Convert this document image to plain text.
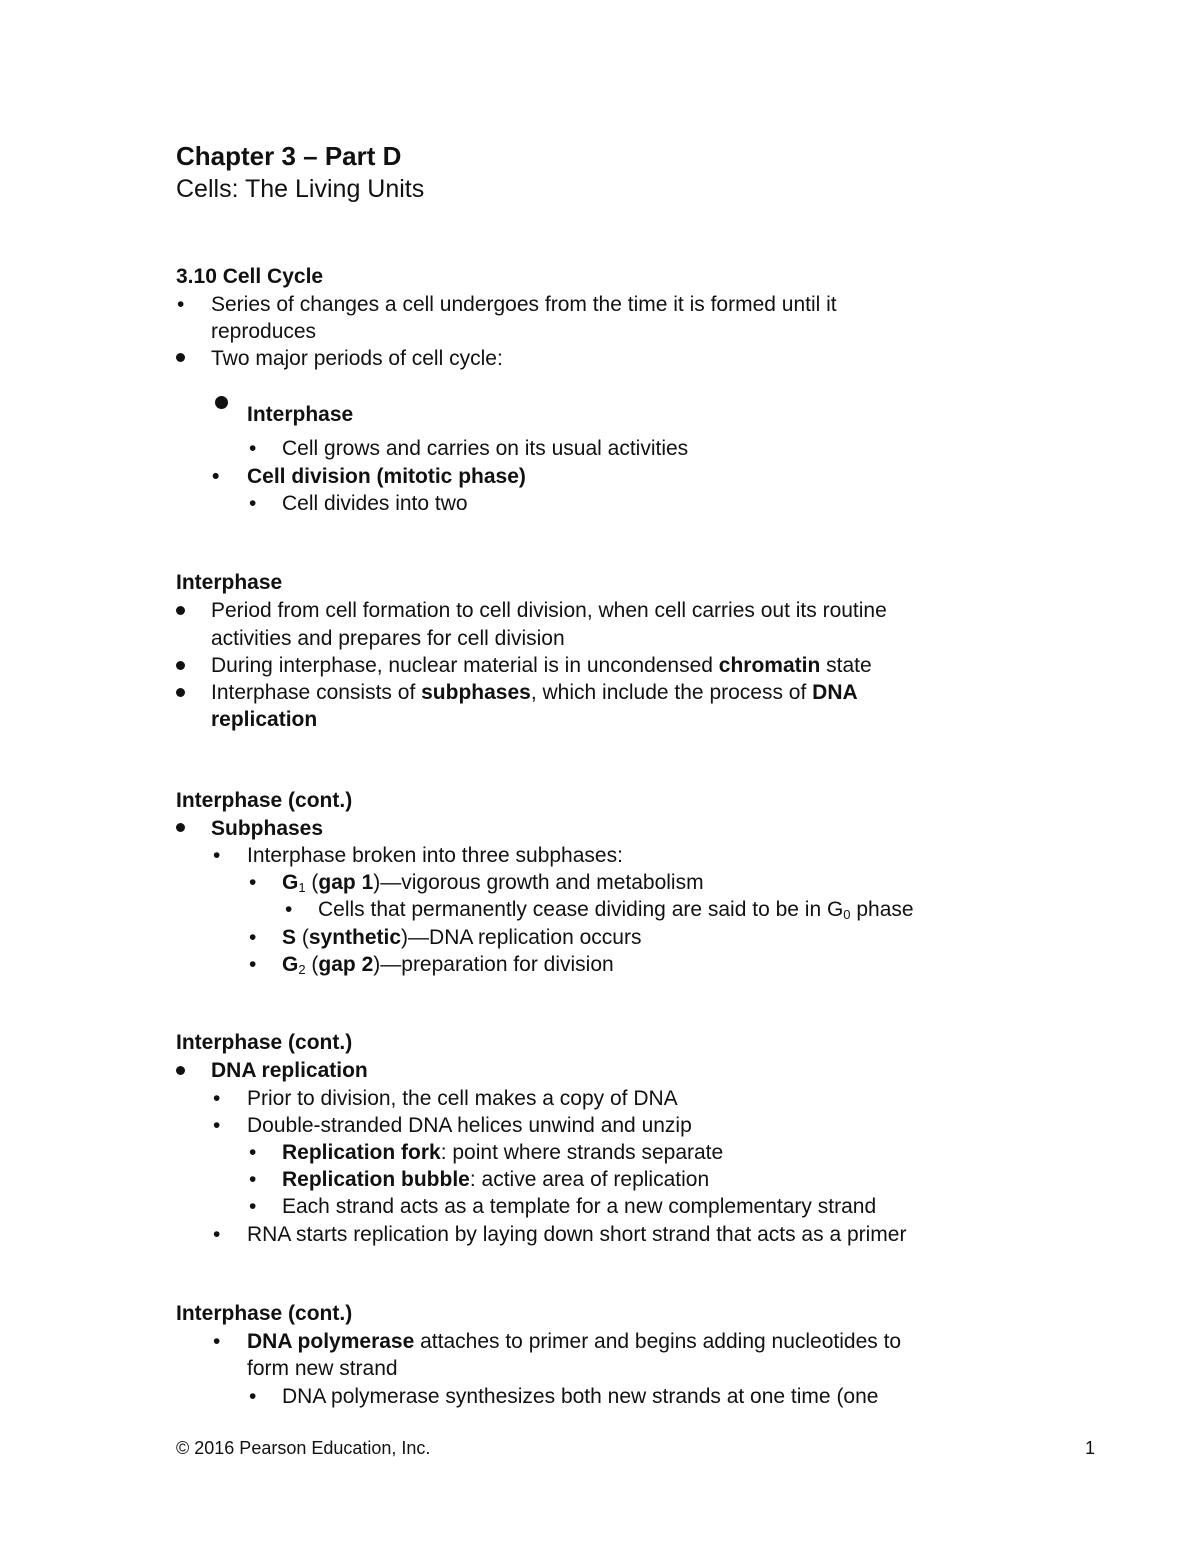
Chapter 3 – Part D
Cells: The Living Units
3.10 Cell Cycle
• Series of changes a cell undergoes from the time it is formed until it
reproduces
Two major periods of cell cycle:
Interphase
• Cell grows and carries on its usual activities
• Cell division (mitotic phase)
• Cell divides into two
Interphase
Period from cell formation to cell division, when cell carries out its routine
activities and prepares for cell division
During interphase, nuclear material is in uncondensed chromatin state
Interphase consists of subphases, which include the process of DNA
replication
Interphase (cont.)
Subphases
• Interphase broken into three subphases:
• $G_1$ (gap 1)—vigorous growth and metabolism
• Cells that permanently cease dividing are said to be in $G_0$ phase
• S (synthetic)—DNA replication occurs
• $G_2$ (gap 2)—preparation for division
Interphase (cont.)
DNA replication
• Prior to division, the cell makes a copy of DNA
• Double-stranded DNA helices unwind and unzip
• Replication fork: point where strands separate
• Replication bubble: active area of replication
• Each strand acts as a template for a new complementary strand
• RNA starts replication by laying down short strand that acts as a primer
Interphase (cont.)
• DNA polymerase attaches to primer and begins adding nucleotides to
form new strand
• DNA polymerase synthesizes both new strands at one time (one
© 2016 Pearson Education, Inc.	1
